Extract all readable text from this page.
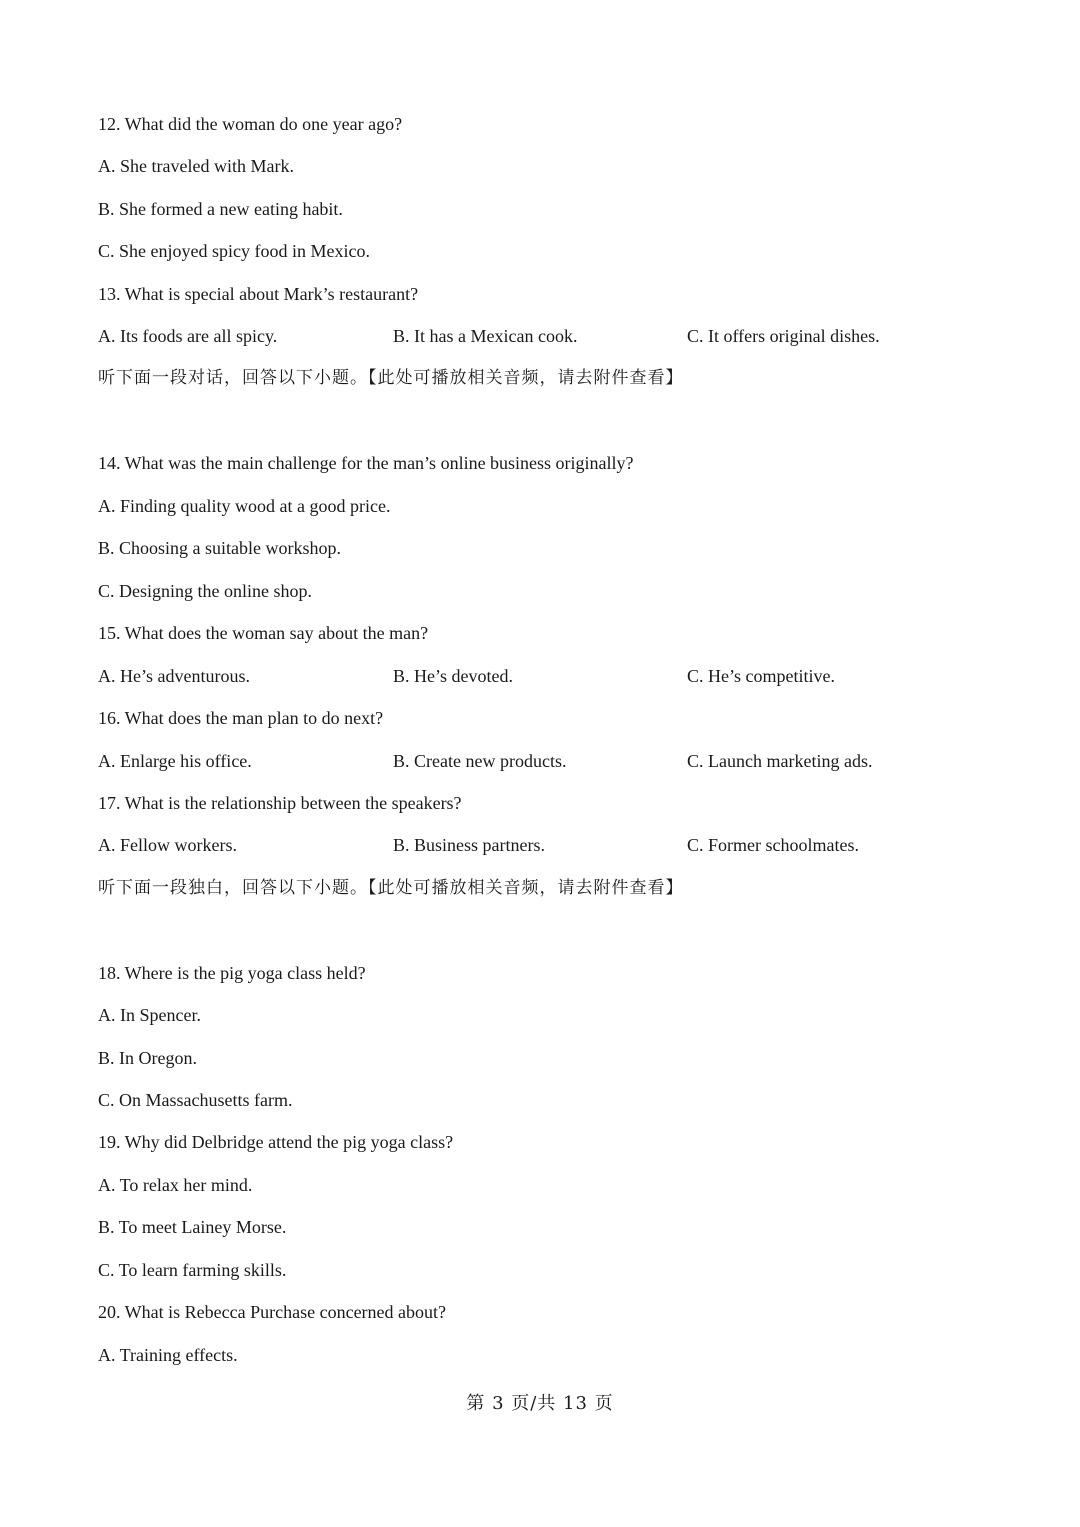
12. What did the woman do one year ago?
A. She traveled with Mark.
B. She formed a new eating habit.
C. She enjoyed spicy food in Mexico.
13. What is special about Mark’s restaurant?
A. Its foods are all spicy.	B. It has a Mexican cook.	C. It offers original dishes.
听下面一段对话，回答以下小题。【此处可播放相关音频，请去附件查看】
14. What was the main challenge for the man’s online business originally?
A. Finding quality wood at a good price.
B. Choosing a suitable workshop.
C. Designing the online shop.
15. What does the woman say about the man?
A. He’s adventurous.	B. He’s devoted.	C. He’s competitive.
16. What does the man plan to do next?
A. Enlarge his office.	B. Create new products.	C. Launch marketing ads.
17. What is the relationship between the speakers?
A. Fellow workers.	B. Business partners.	C. Former schoolmates.
听下面一段独白，回答以下小题。【此处可播放相关音频，请去附件查看】
18. Where is the pig yoga class held?
A. In Spencer.
B. In Oregon.
C. On Massachusetts farm.
19. Why did Delbridge attend the pig yoga class?
A. To relax her mind.
B. To meet Lainey Morse.
C. To learn farming skills.
20. What is Rebecca Purchase concerned about?
A. Training effects.
第 3 页/共 13 页
